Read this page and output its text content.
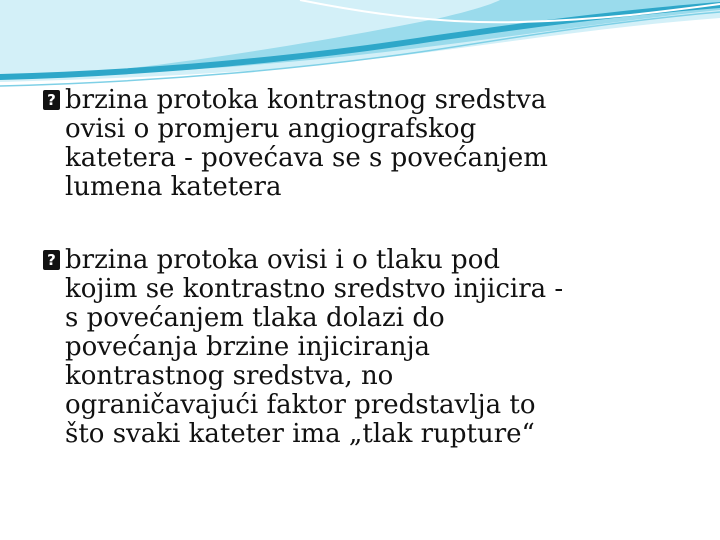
?
brzina protoka kontrastnog sredstva
ovisi o promjeru angiografskog
katetera - povećava se s povećanjem
lumena katetera
?
brzina protoka ovisi i o tlaku pod
kojim se kontrastno sredstvo injicira -
s povećanjem tlaka dolazi do
povećanja brzine injiciranja
kontrastnog sredstva, no
ograničavajući faktor predstavlja to
što svaki kateter ima „tlak rupture“
